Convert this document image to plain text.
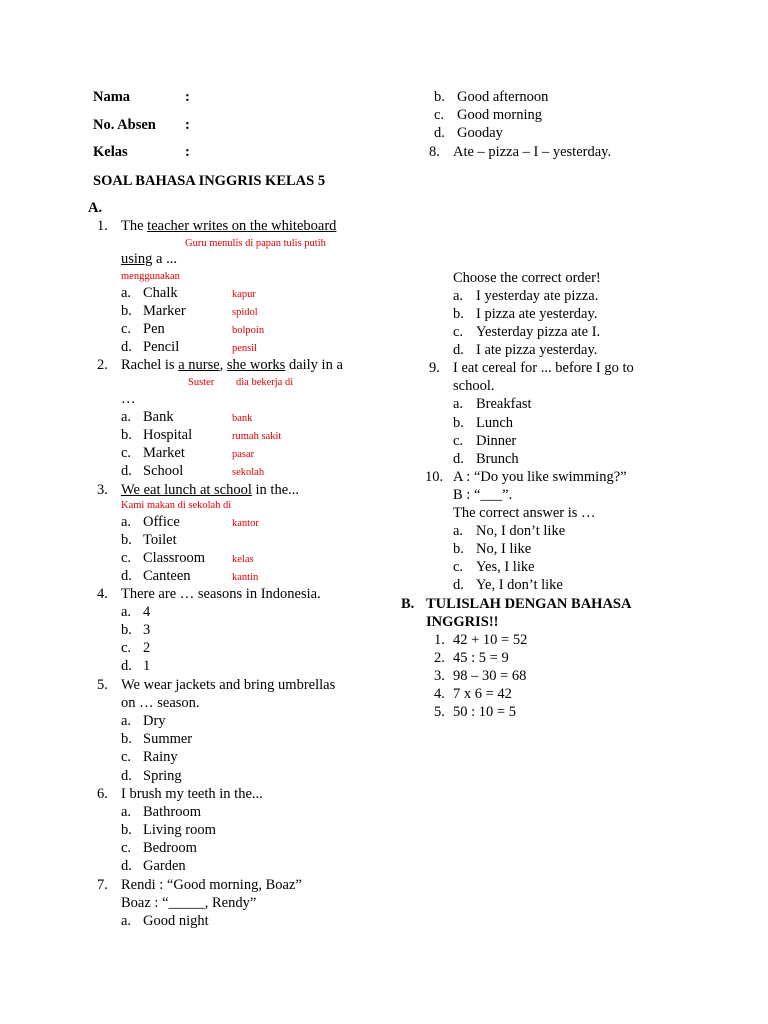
Nama	:
No. Absen :
Kelas	:
SOAL BAHASA INGGRIS KELAS 5
A.
1. The teacher writes on the whiteboard
Guru menulis di papan tulis putih
using a ...
menggunakan
a. Chalk	kapur
b. Marker	spidol
c. Pen	bolpoin
d. Pencil	pensil
2. Rachel is a nurse, she works daily in a
Suster dia bekerja di
…
a. Bank	bank
b. Hospital	rumah sakit
c. Market	pasar
d. School	sekolah
3. We eat lunch at school in the...
Kami makan di sekolah di
a. Office	kantor
b. Toilet
c. Classroom	kelas
d. Canteen	kantin
4. There are … seasons in Indonesia.
a. 4
b. 3
c. 2
d. 1
5. We wear jackets and bring umbrellas
on … season.
a. Dry
b. Summer
c. Rainy
d. Spring
6. I brush my teeth in the...
a. Bathroom
b. Living room
c. Bedroom
d. Garden
7. Rendi : “Good morning, Boaz”
Boaz : “_____, Rendy”
a. Good night
b. Good afternoon
c. Good morning
d. Gooday
8. Ate – pizza – I – yesterday.
Choose the correct order!
a. I yesterday ate pizza.
b. I pizza ate yesterday.
c. Yesterday pizza ate I.
d. I ate pizza yesterday.
9. I eat cereal for ... before I go to
school.
a. Breakfast
b. Lunch
c. Dinner
d. Brunch
10. A : “Do you like swimming?”
B : “___”.
The correct answer is …
a. No, I don’t like
b. No, I like
c. Yes, I like
d. Ye, I don’t like
B. TULISLAH DENGAN BAHASA
INGGRIS!!
1. 42 + 10 = 52
2. 45 : 5 = 9
3. 98 – 30 = 68
4. 7 x 6 = 42
5. 50 : 10 = 5
